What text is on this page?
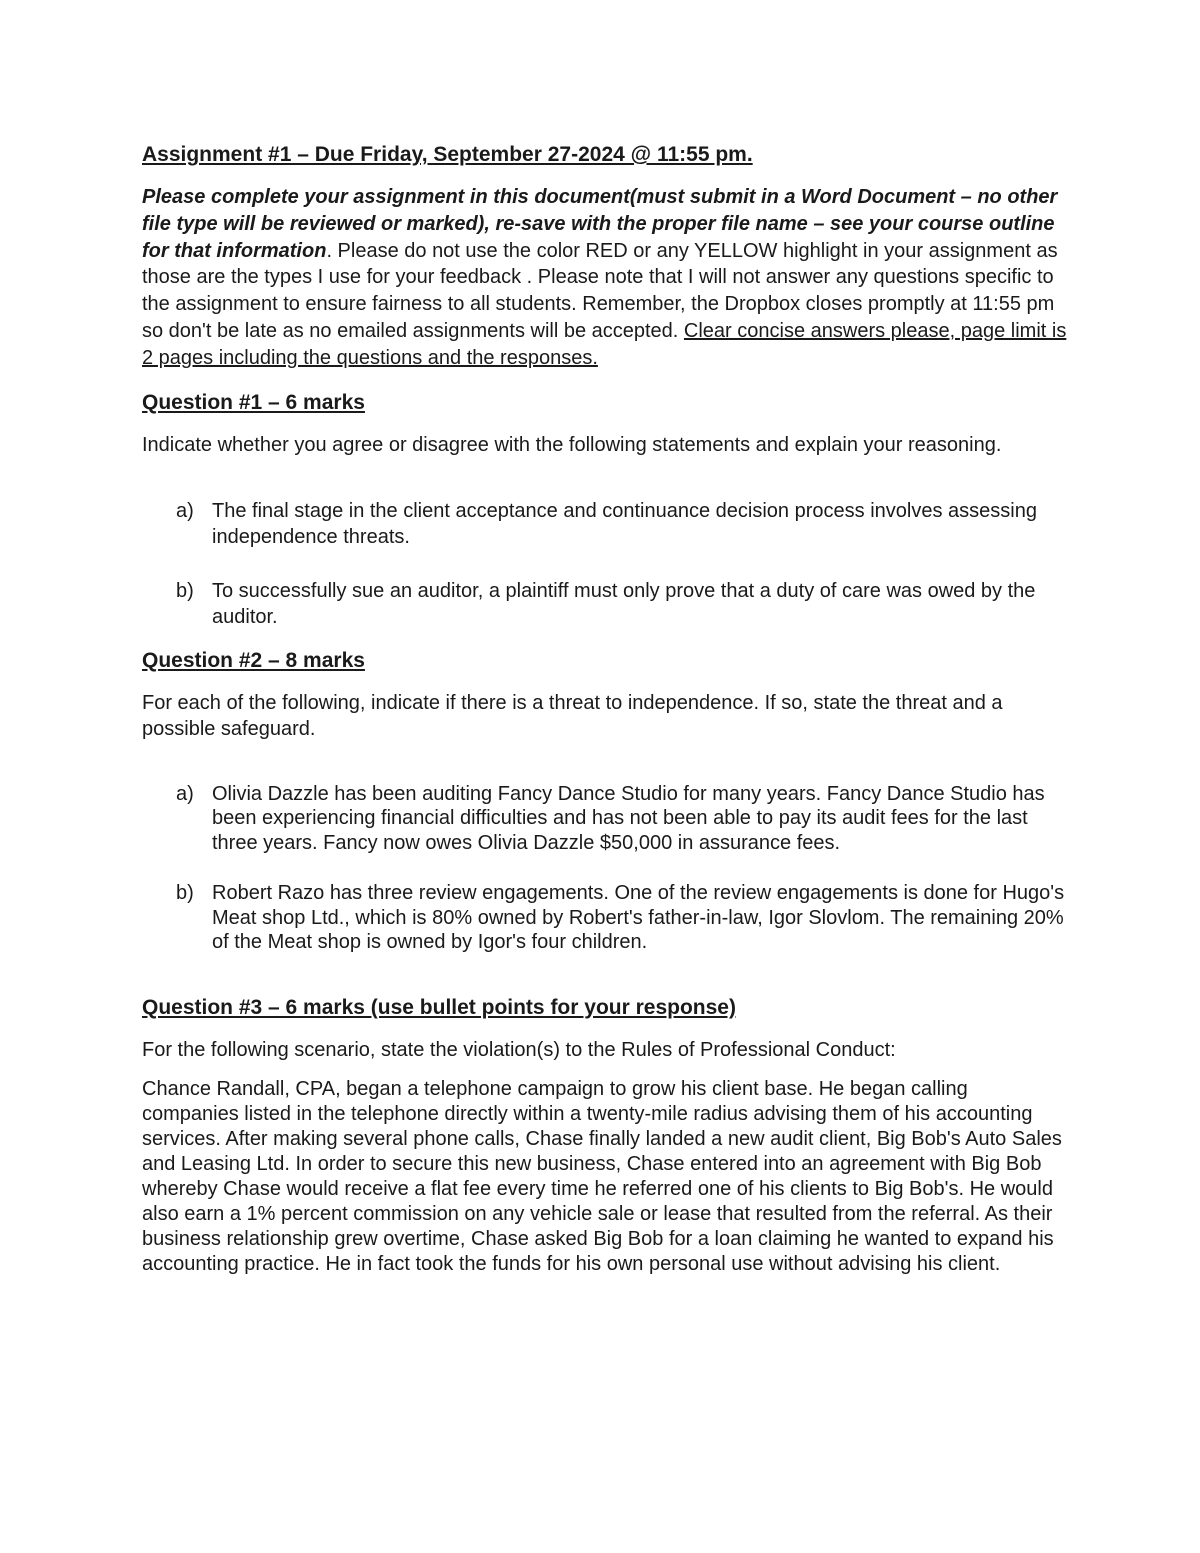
Assignment #1 – Due Friday, September 27-2024 @ 11:55 pm.

Please complete your assignment in this document(must submit in a Word Document – no other file type will be reviewed or marked), re-save with the proper file name – see your course outline for that information. Please do not use the color RED or any YELLOW highlight in your assignment as those are the types I use for your feedback . Please note that I will not answer any questions specific to the assignment to ensure fairness to all students. Remember, the Dropbox closes promptly at 11:55 pm so don't be late as no emailed assignments will be accepted. Clear concise answers please, page limit is 2 pages including the questions and the responses.

Question #1 – 6 marks

Indicate whether you agree or disagree with the following statements and explain your reasoning.

a) The final stage in the client acceptance and continuance decision process involves assessing independence threats.
b) To successfully sue an auditor, a plaintiff must only prove that a duty of care was owed by the auditor.
Question #2 – 8 marks

For each of the following, indicate if there is a threat to independence. If so, state the threat and a possible safeguard.

a) Olivia Dazzle has been auditing Fancy Dance Studio for many years. Fancy Dance Studio has been experiencing financial difficulties and has not been able to pay its audit fees for the last three years. Fancy now owes Olivia Dazzle $50,000 in assurance fees.
b) Robert Razo has three review engagements. One of the review engagements is done for Hugo's Meat shop Ltd., which is 80% owned by Robert's father-in-law, Igor Slovlom. The remaining 20% of the Meat shop is owned by Igor's four children.
Question #3 – 6 marks (use bullet points for your response)

For the following scenario, state the violation(s) to the Rules of Professional Conduct:

Chance Randall, CPA, began a telephone campaign to grow his client base. He began calling companies listed in the telephone directly within a twenty-mile radius advising them of his accounting services. After making several phone calls, Chase finally landed a new audit client, Big Bob's Auto Sales and Leasing Ltd. In order to secure this new business, Chase entered into an agreement with Big Bob whereby Chase would receive a flat fee every time he referred one of his clients to Big Bob's. He would also earn a 1% percent commission on any vehicle sale or lease that resulted from the referral. As their business relationship grew overtime, Chase asked Big Bob for a loan claiming he wanted to expand his accounting practice. He in fact took the funds for his own personal use without advising his client.
